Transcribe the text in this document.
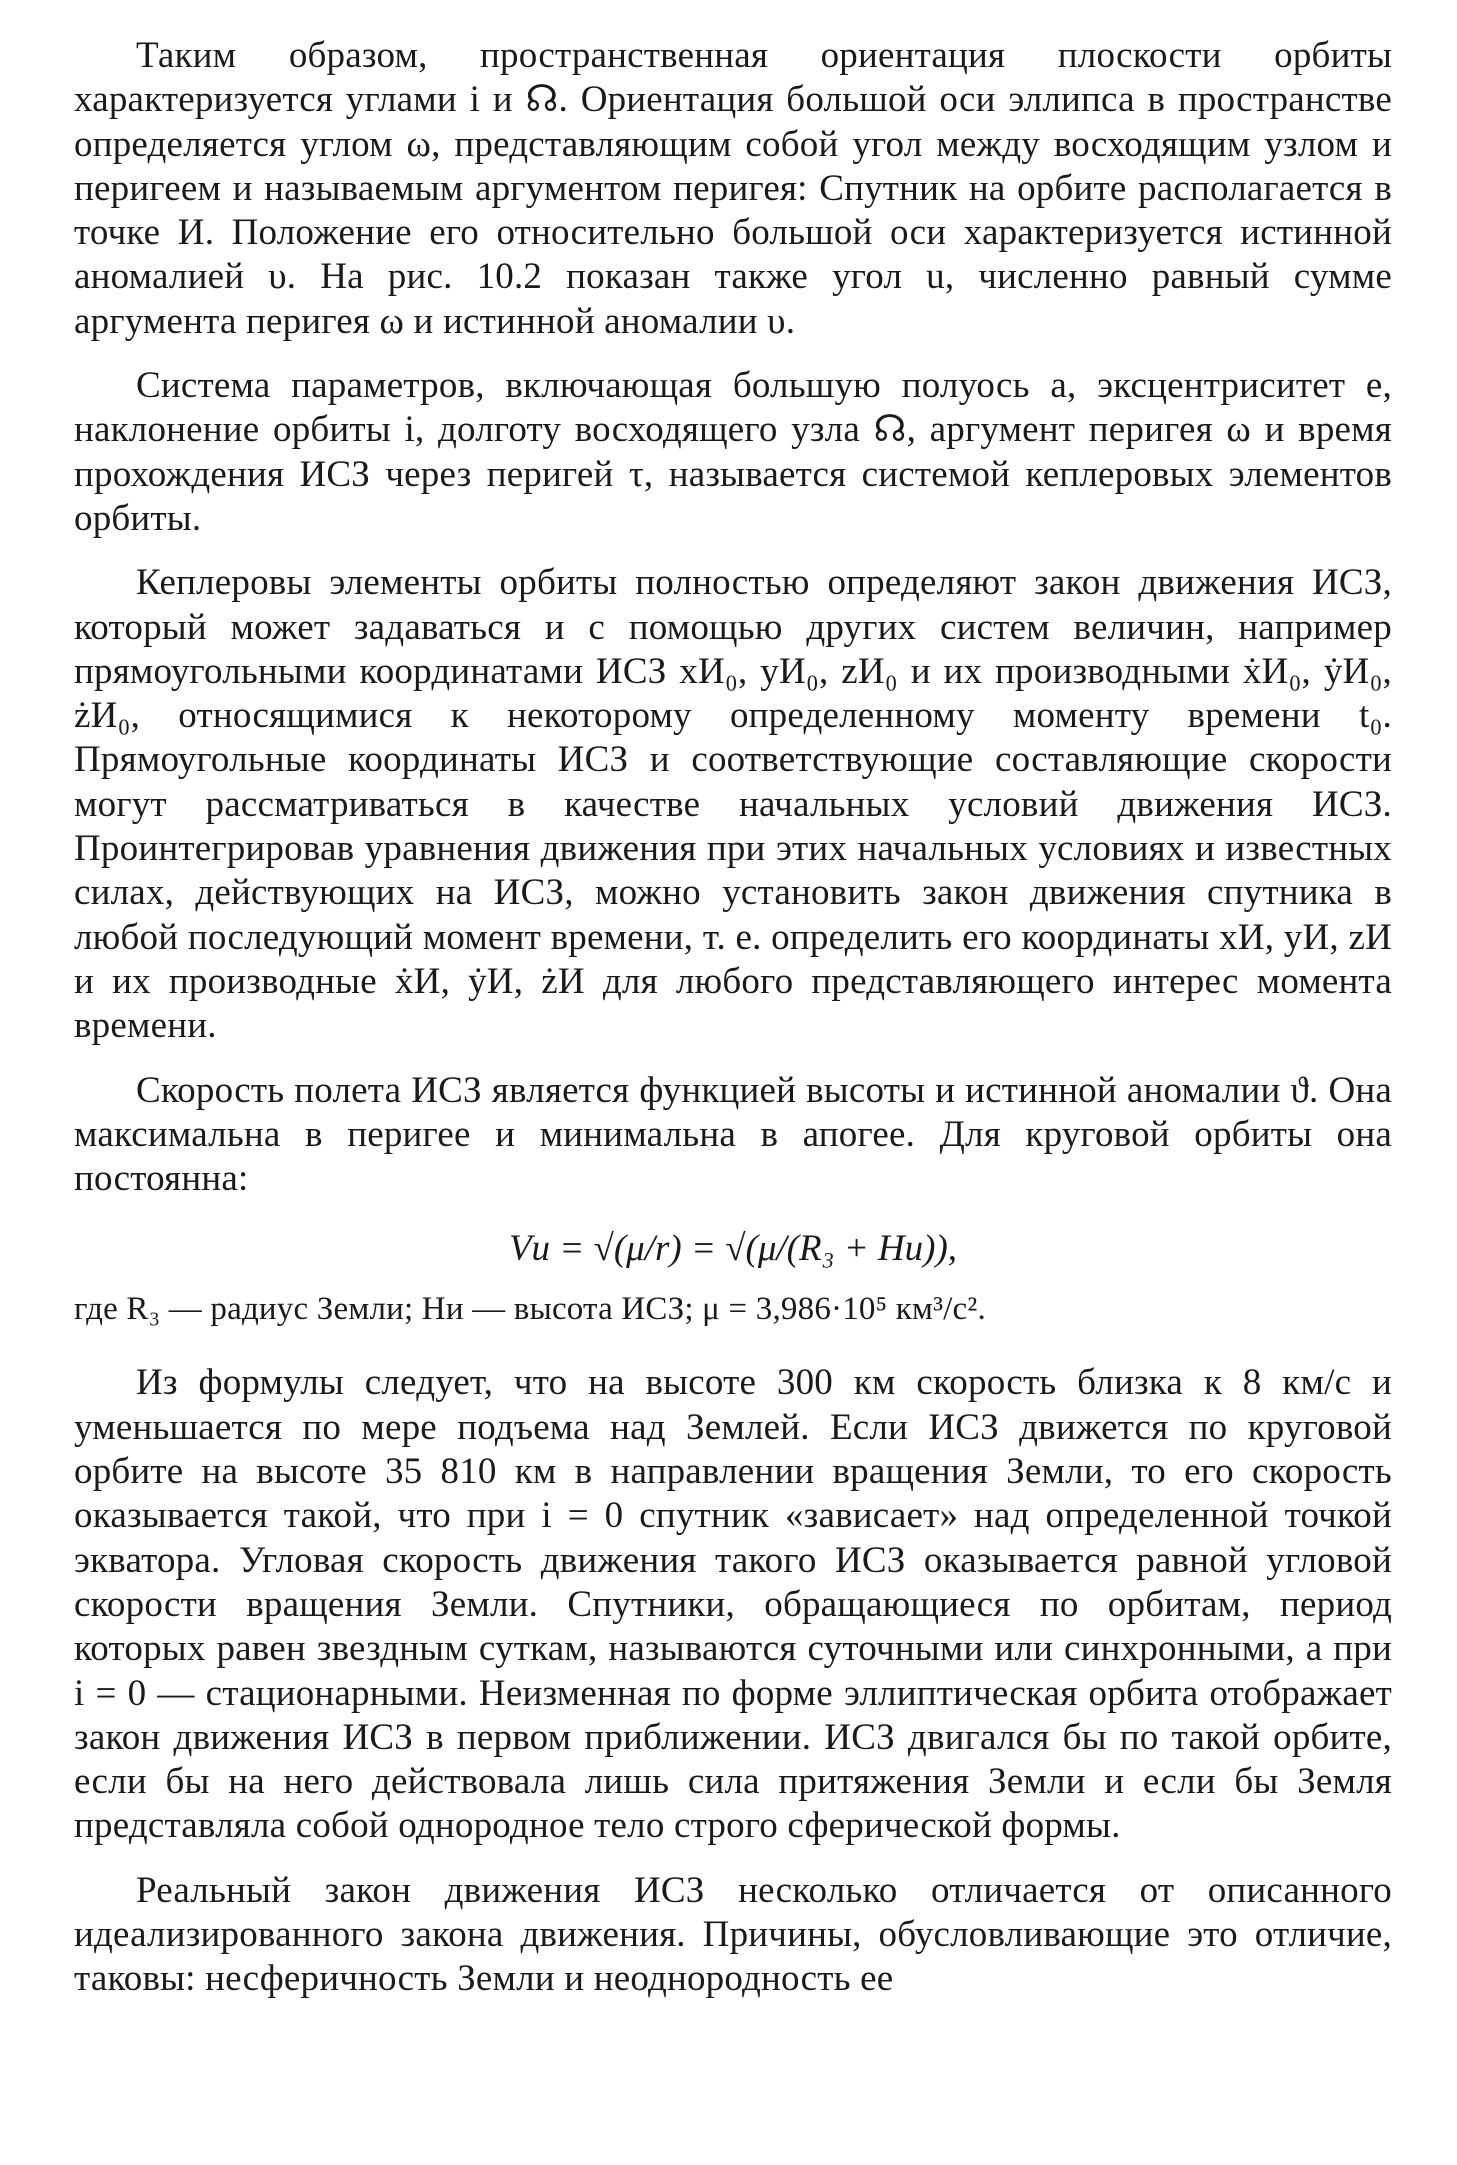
Таким образом, пространственная ориентация плоскости орбиты характеризуется углами i и ☊. Ориентация большой оси эллипса в пространстве определяется углом ω, представляющим собой угол между восходящим узлом и перигеем и называемым аргументом перигея: Спутник на орбите располагается в точке И. Положение его относительно большой оси характеризуется истинной аномалией υ. На рис. 10.2 показан также угол u, численно равный сумме аргумента перигея ω и истинной аномалии υ.

Система параметров, включающая большую полуось a, эксцентриситет e, наклонение орбиты i, долготу восходящего узла ☊, аргумент перигея ω и время прохождения ИСЗ через перигей τ, называется системой кеплеровых элементов орбиты.

Кеплеровы элементы орбиты полностью определяют закон движения ИСЗ, который может задаваться и с помощью других систем величин, например прямоугольными координатами ИСЗ xИ₀, yИ₀, zИ₀ и их производными ẋИ₀, ẏИ₀, żИ₀, относящимися к некоторому определенному моменту времени t₀. Прямоугольные координаты ИСЗ и соответствующие составляющие скорости могут рассматриваться в качестве начальных условий движения ИСЗ. Проинтегрировав уравнения движения при этих начальных условиях и известных силах, действующих на ИСЗ, можно установить закон движения спутника в любой последующий момент времени, т. е. определить его координаты xИ, yИ, zИ и их производные ẋИ, ẏИ, żИ для любого представляющего интерес момента времени.

Скорость полета ИСЗ является функцией высоты и истинной аномалии ϑ. Она максимальна в перигее и минимальна в апогее. Для круговой орбиты она постоянна:

Vи = √(μ/r) = √(μ/(R₃ + Hи)),

где R₃ — радиус Земли; Hи — высота ИСЗ; μ = 3,986·10⁵ км³/с².

Из формулы следует, что на высоте 300 км скорость близка к 8 км/с и уменьшается по мере подъема над Землей. Если ИСЗ движется по круговой орбите на высоте 35 810 км в направлении вращения Земли, то его скорость оказывается такой, что при i = 0 спутник «зависает» над определенной точкой экватора. Угловая скорость движения такого ИСЗ оказывается равной угловой скорости вращения Земли. Спутники, обращающиеся по орбитам, период которых равен звездным суткам, называются суточными или синхронными, а при i = 0 — стационарными. Неизменная по форме эллиптическая орбита отображает закон движения ИСЗ в первом приближении. ИСЗ двигался бы по такой орбите, если бы на него действовала лишь сила притяжения Земли и если бы Земля представляла собой однородное тело строго сферической формы.

Реальный закон движения ИСЗ несколько отличается от описанного идеализированного закона движения. Причины, обусловливающие это отличие, таковы: несферичность Земли и неоднородность ее
